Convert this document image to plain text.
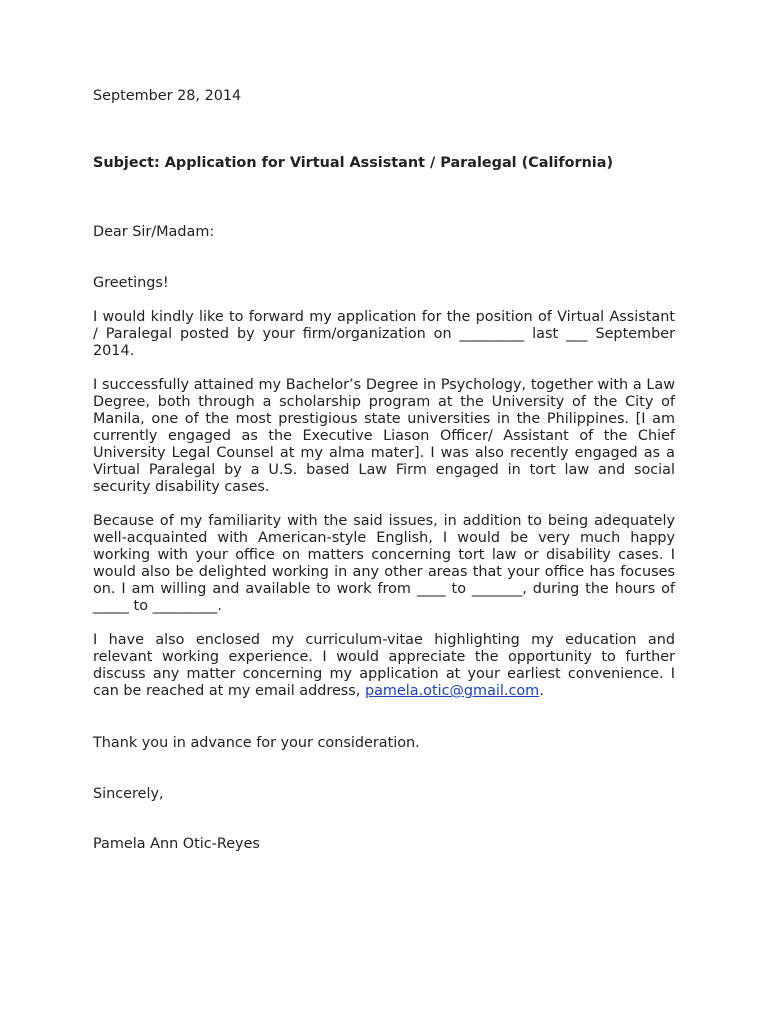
September 28, 2014

Subject: Application for Virtual Assistant / Paralegal (California)

Dear Sir/Madam:

Greetings!

I would kindly like to forward my application for the position of Virtual Assistant / Paralegal posted by your firm/organization on _________ last ___ September 2014.

I successfully attained my Bachelor’s Degree in Psychology, together with a Law Degree, both through a scholarship program at the University of the City of Manila, one of the most prestigious state universities in the Philippines. [I am currently engaged as the Executive Liason Officer/ Assistant of the Chief University Legal Counsel at my alma mater]. I was also recently engaged as a Virtual Paralegal by a U.S. based Law Firm engaged in tort law and social security disability cases.

Because of my familiarity with the said issues, in addition to being adequately well-acquainted with American-style English, I would be very much happy working with your office on matters concerning tort law or disability cases. I would also be delighted working in any other areas that your office has focuses on. I am willing and available to work from ____ to _______, during the hours of _____ to _________.

I have also enclosed my curriculum-vitae highlighting my education and relevant working experience. I would appreciate the opportunity to further discuss any matter concerning my application at your earliest convenience. I can be reached at my email address, pamela.otic@gmail.com.

Thank you in advance for your consideration.

Sincerely,

Pamela Ann Otic-Reyes
